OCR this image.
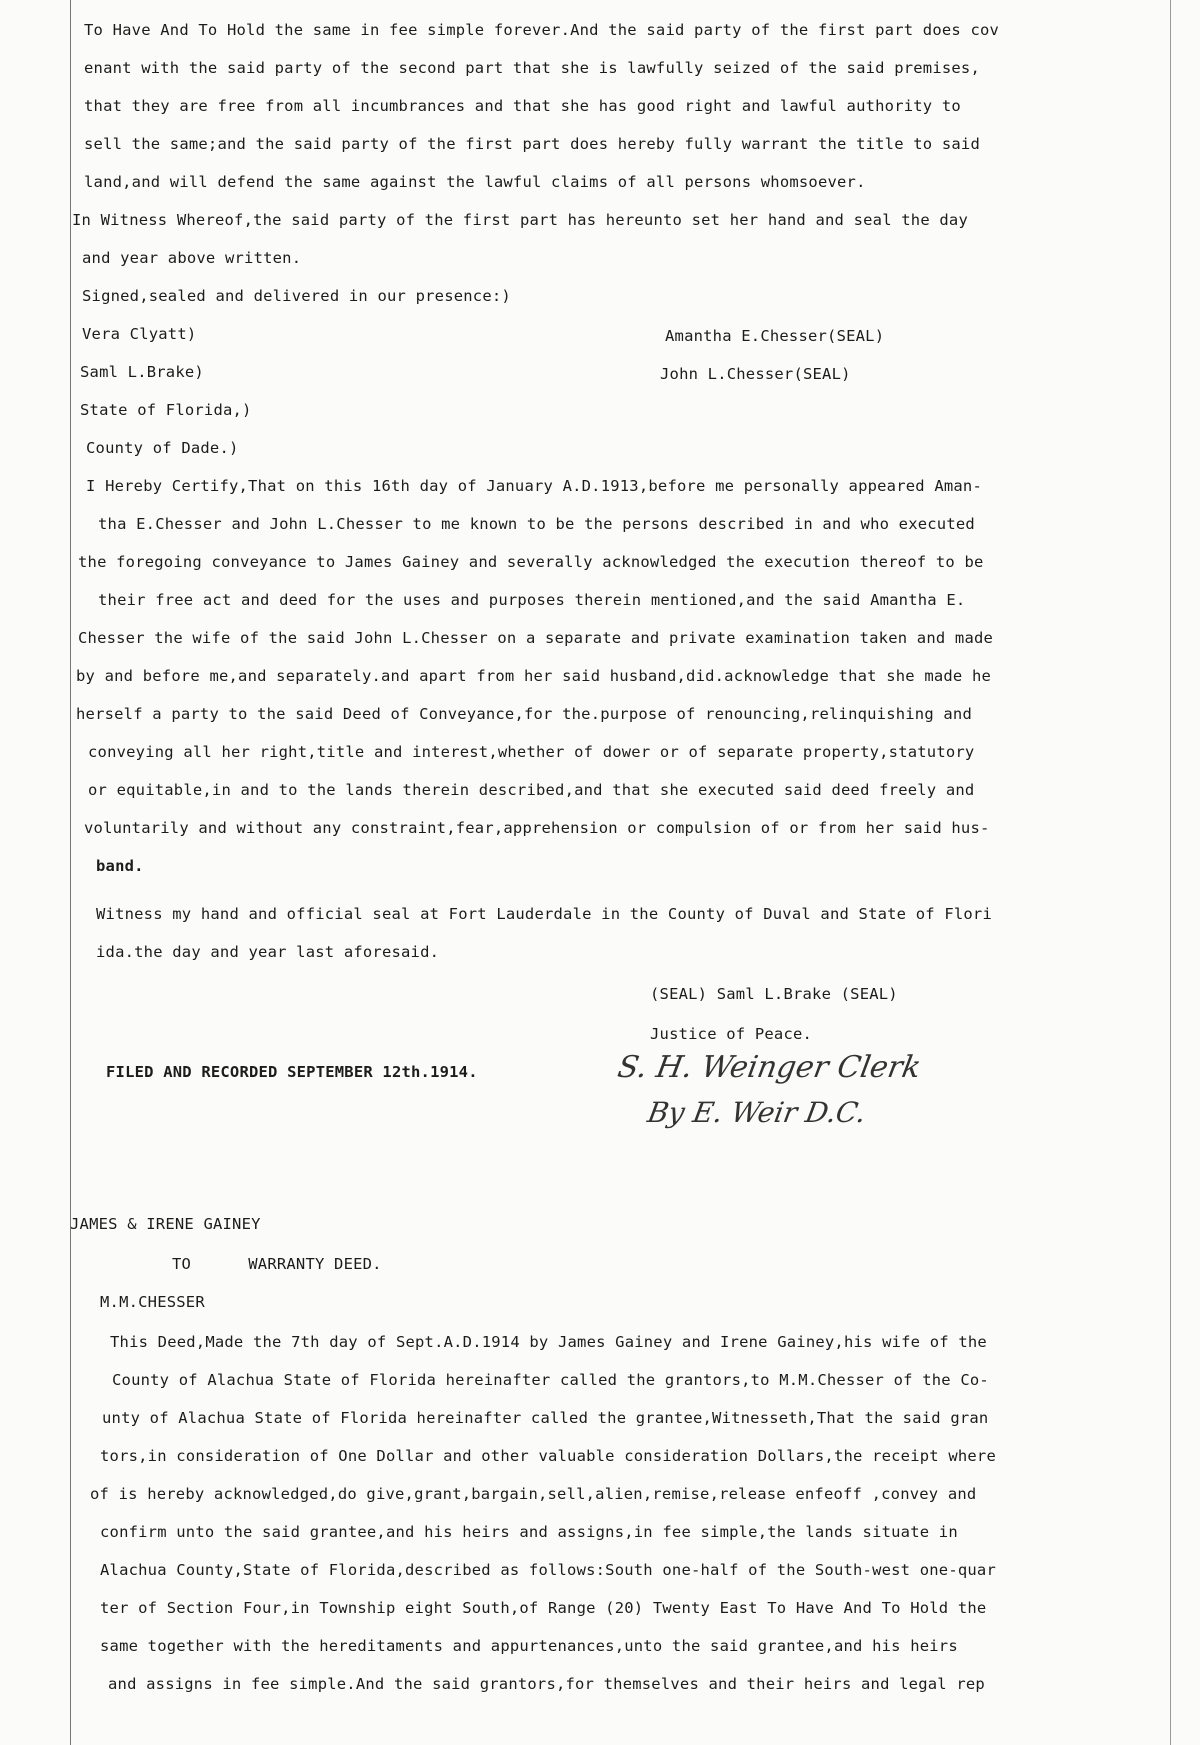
To Have And To Hold the same in fee simple forever.And the said party of the first part does cov
enant with the said party of the second part that she is lawfully seized of the said premises,
that they are free from all incumbrances and that she has good right and lawful authority to
sell the same;and the said party of the first part does hereby fully warrant the title to said
land,and will defend the same against the lawful claims of all persons whomsoever.
In Witness Whereof,the said party of the first part has hereunto set her hand and seal the day
and year above written.
Signed,sealed and delivered in our presence:)
Vera Clyatt)	Amantha E.Chesser(SEAL)
Saml L.Brake)	John L.Chesser(SEAL)
State of Florida,)
County of Dade.)
I Hereby Certify,That on this 16th day of January A.D.1913,before me personally appeared Aman-
tha E.Chesser and John L.Chesser to me known to be the persons described in and who executed
the foregoing conveyance to James Gainey and severally acknowledged the execution thereof to be
their free act and deed for the uses and purposes therein mentioned,and the said Amantha E.
Chesser the wife of the said John L.Chesser on a separate and private examination taken and made
by and before me,and separately.and apart from her said husband,did.acknowledge that she made he
herself a party to the said Deed of Conveyance,for the.purpose of renouncing,relinquishing and
conveying all her right,title and interest,whether of dower or of separate property,statutory
or equitable,in and to the lands therein described,and that she executed said deed freely and
voluntarily and without any constraint,fear,apprehension or compulsion of or from her said hus-
band.
Witness my hand and official seal at Fort Lauderdale in the County of Duval and State of Flori
ida.the day and year last aforesaid.
(SEAL) Saml L.Brake (SEAL)
Justice of Peace.
FILED AND RECORDED SEPTEMBER 12th.1914.	S. H. Weinger Clerk
By E. Weir D.C.
JAMES & IRENE GAINEY
TO      WARRANTY DEED.
M.M.CHESSER
This Deed,Made the 7th day of Sept.A.D.1914 by James Gainey and Irene Gainey,his wife of the
County of Alachua State of Florida hereinafter called the grantors,to M.M.Chesser of the Co-
unty of Alachua State of Florida hereinafter called the grantee,Witnesseth,That the said gran
tors,in consideration of One Dollar and other valuable consideration Dollars,the receipt where
of is hereby acknowledged,do give,grant,bargain,sell,alien,remise,release enfeoff ,convey and
confirm unto the said grantee,and his heirs and assigns,in fee simple,the lands situate in
Alachua County,State of Florida,described as follows:South one-half of the South-west one-quar
ter of Section Four,in Township eight South,of Range (20) Twenty East To Have And To Hold the
same together with the hereditaments and appurtenances,unto the said grantee,and his heirs
and assigns in fee simple.And the said grantors,for themselves and their heirs and legal rep
